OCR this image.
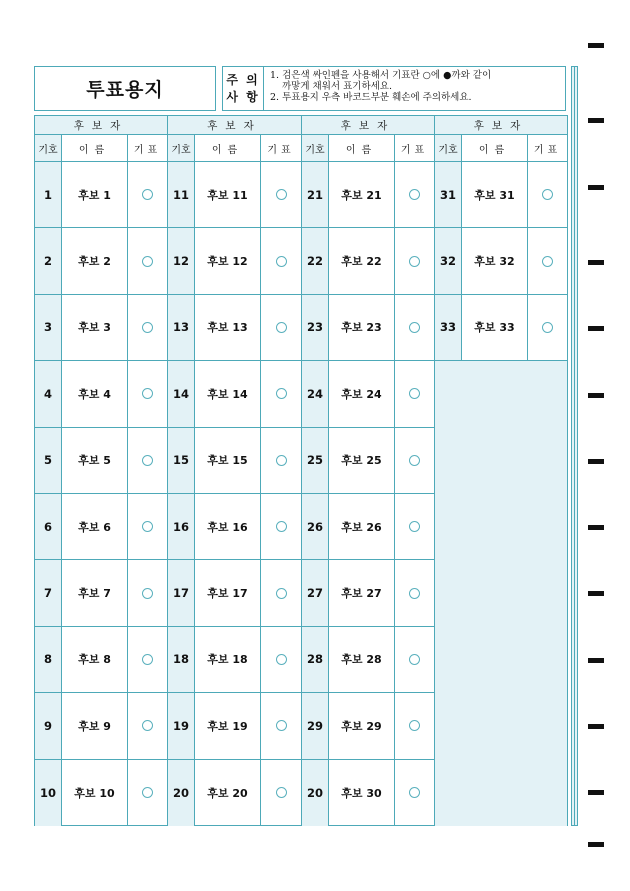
투표용지	주 의
사 항
1. 검은색 싸인펜을 사용해서 기표란 ○에 ●까와 같이
까맣게 채워서 표기하세요.
2. 투표용지 우측 바코드부분 훼손에 주의하세요.
후보자
기호	이름	기표
1	후보 1
2	후보 2
3	후보 3
4	후보 4
5	후보 5
6	후보 6
7	후보 7
8	후보 8
9	후보 9
10	후보 10
후보자
기호	이름	기표
11	후보 11
12	후보 12
13	후보 13
14	후보 14
15	후보 15
16	후보 16
17	후보 17
18	후보 18
19	후보 19
20	후보 20
후보자
기호	이름	기표
21	후보 21
22	후보 22
23	후보 23
24	후보 24
25	후보 25
26	후보 26
27	후보 27
28	후보 28
29	후보 29
20	후보 30
후보자
기호	이름	기표
31	후보 31
32	후보 32
33	후보 33
